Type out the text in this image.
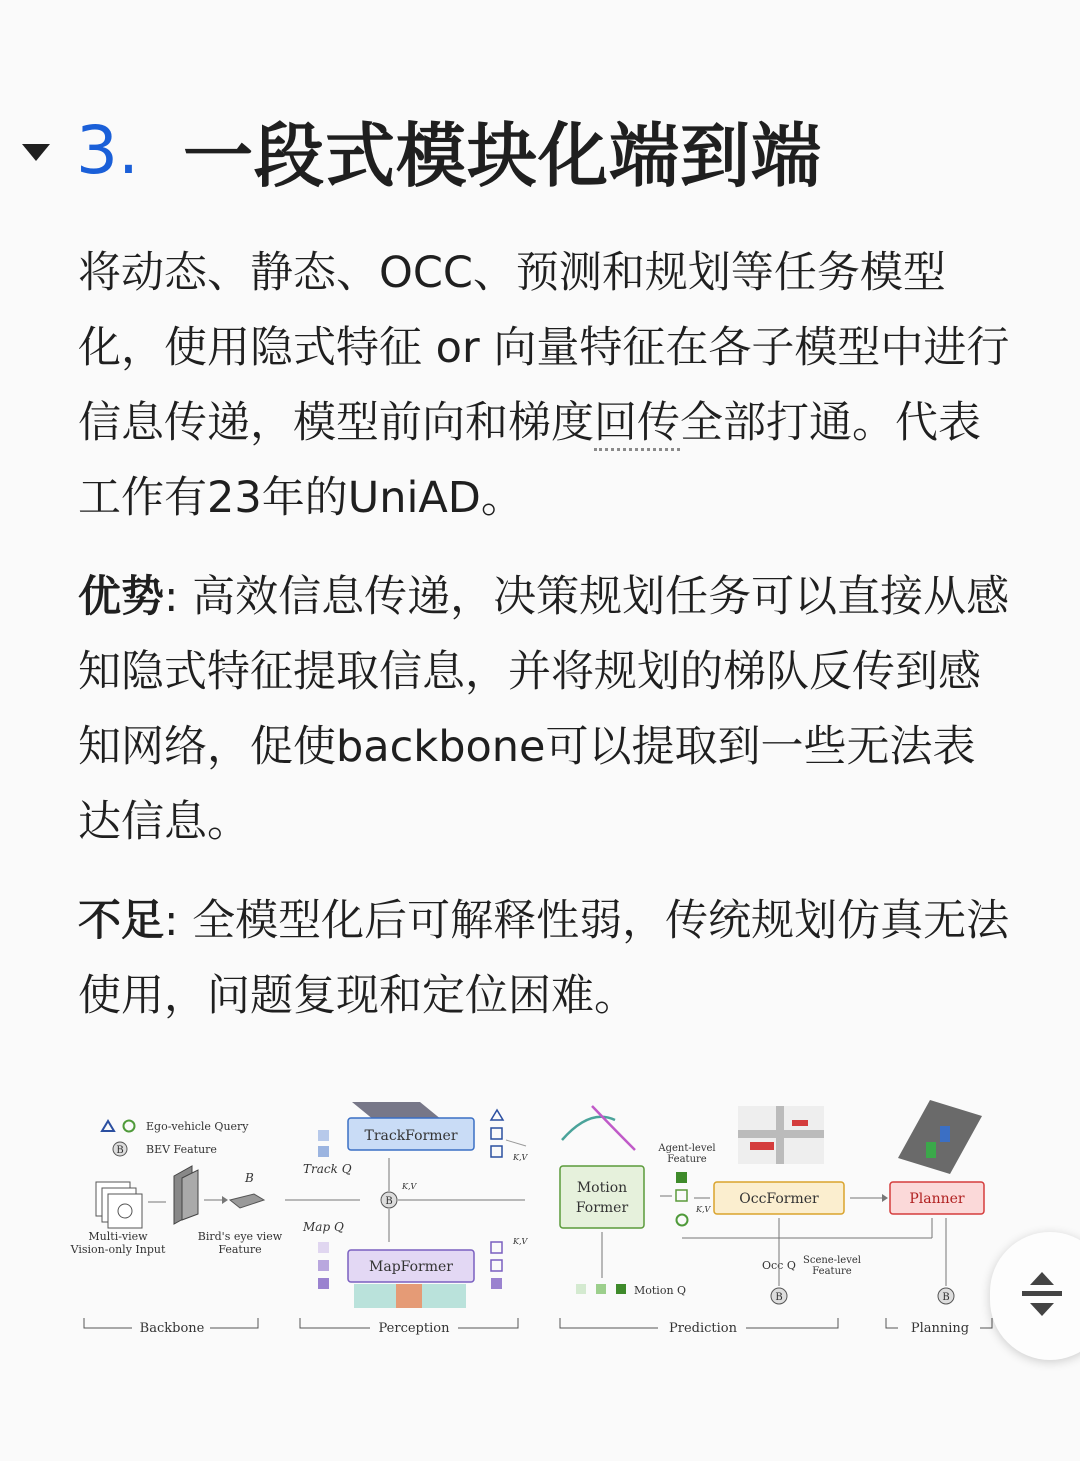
3. 一段式模块化端到端
将动态、静态、OCC、预测和规划等任务模型化，使用隐式特征 or 向量特征在各子模型中进行信息传递，模型前向和梯度回传全部打通。代表工作有23年的UniAD。
优势: 高效信息传递，决策规划任务可以直接从感知隐式特征提取信息，并将规划的梯队反传到感知网络，促使backbone可以提取到一些无法表达信息。
不足: 全模型化后可解释性弱，传统规划仿真无法使用，问题复现和定位困难。
Ego-vehicle Query
B BEV Feature
B
Multi-view
Vision-only Input
Bird's eye view
Feature
B
K,V
TrackFormer
Track Q
K,V
Map Q
MapFormer
K,V
Motion
Former
Agent-level
Feature
K,V
OccFormer
Motion Q
Occ Q Scene-level
Feature
B
Planner
B
Backbone	Perception	Prediction	Planning
